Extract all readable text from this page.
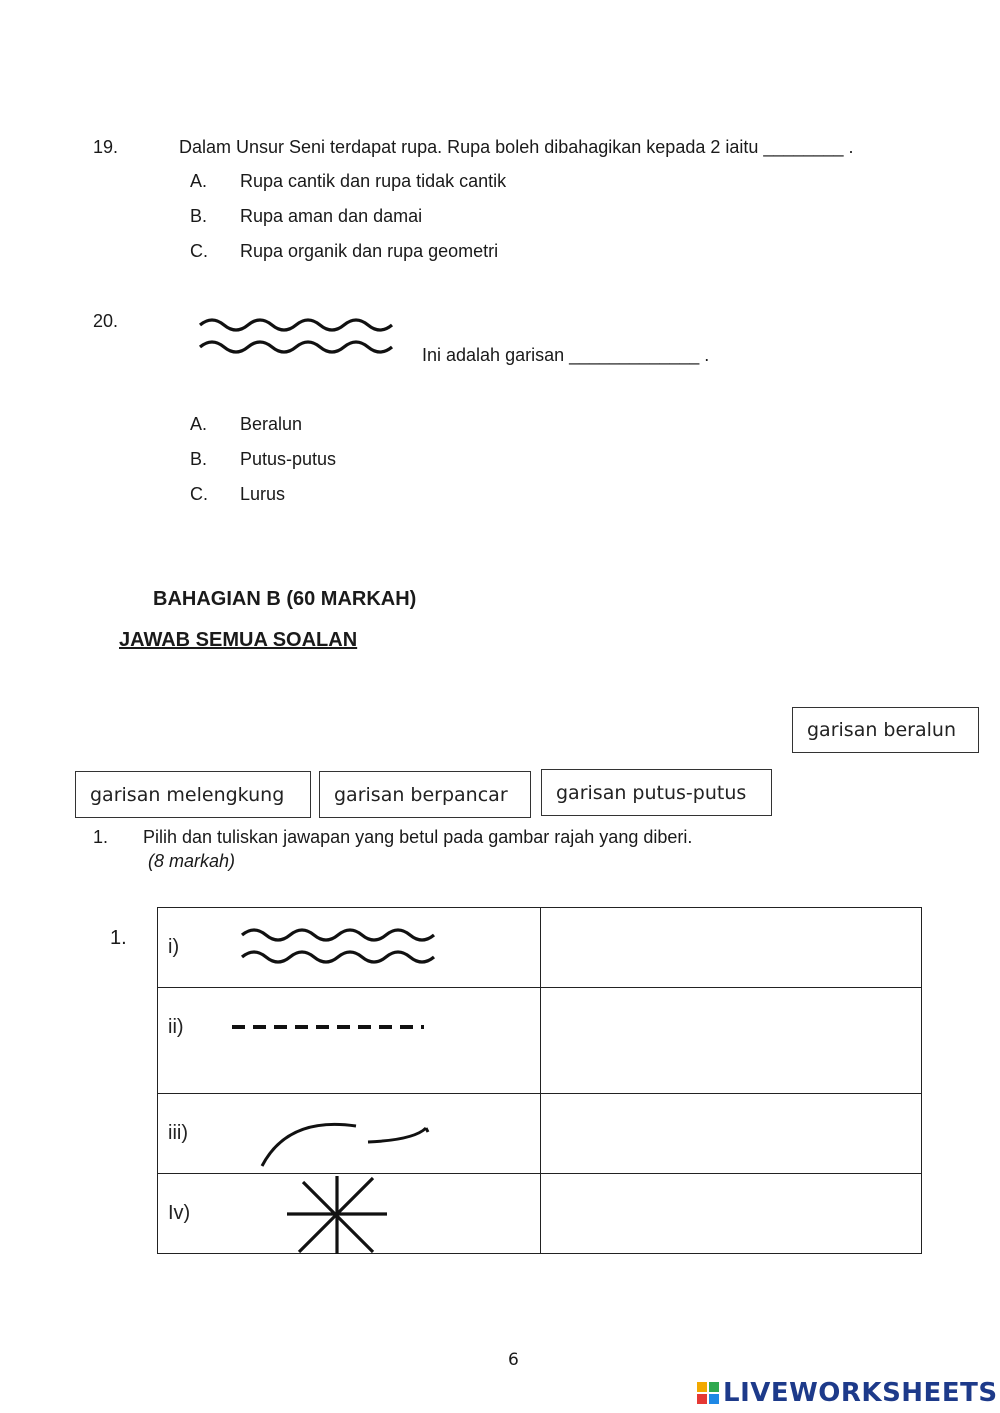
19.	Dalam Unsur Seni terdapat rupa. Rupa boleh dibahagikan kepada 2 iaitu ________ .
A. Rupa cantik dan rupa tidak cantik
B. Rupa aman dan damai
C. Rupa organik dan rupa geometri
20.
Ini adalah garisan _____________ .
A. Beralun
B. Putus-putus
C. Lurus
BAHAGIAN B (60 MARKAH)
JAWAB SEMUA SOALAN
garisan beralun
garisan melengkung	garisan berpancar	garisan putus-putus
1. Pilih dan tuliskan jawapan yang betul pada gambar rajah yang diberi.
(8 markah)
1. i)	

ii)	

iii)	

Iv)	

6
LIVEWORKSHEETS
